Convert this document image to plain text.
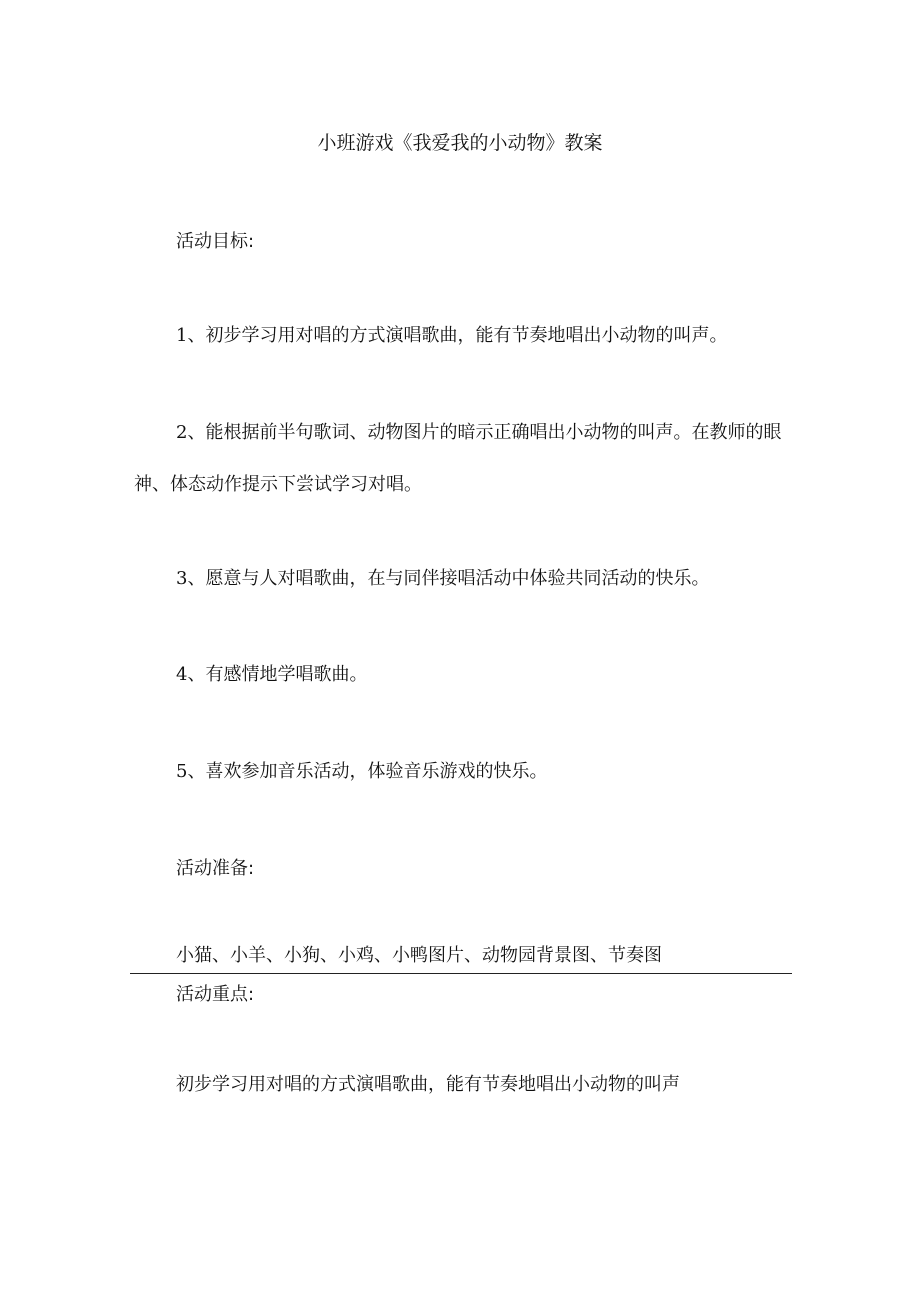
小班游戏《我爱我的小动物》教案
活动目标:
1、初步学习用对唱的方式演唱歌曲，能有节奏地唱出小动物的叫声。
2、能根据前半句歌词、动物图片的暗示正确唱出小动物的叫声。在教师的眼神、体态动作提示下尝试学习对唱。
3、愿意与人对唱歌曲，在与同伴接唱活动中体验共同活动的快乐。
4、有感情地学唱歌曲。
5、喜欢参加音乐活动，体验音乐游戏的快乐。
活动准备:
小猫、小羊、小狗、小鸡、小鸭图片、动物园背景图、节奏图
活动重点:
初步学习用对唱的方式演唱歌曲，能有节奏地唱出小动物的叫声
